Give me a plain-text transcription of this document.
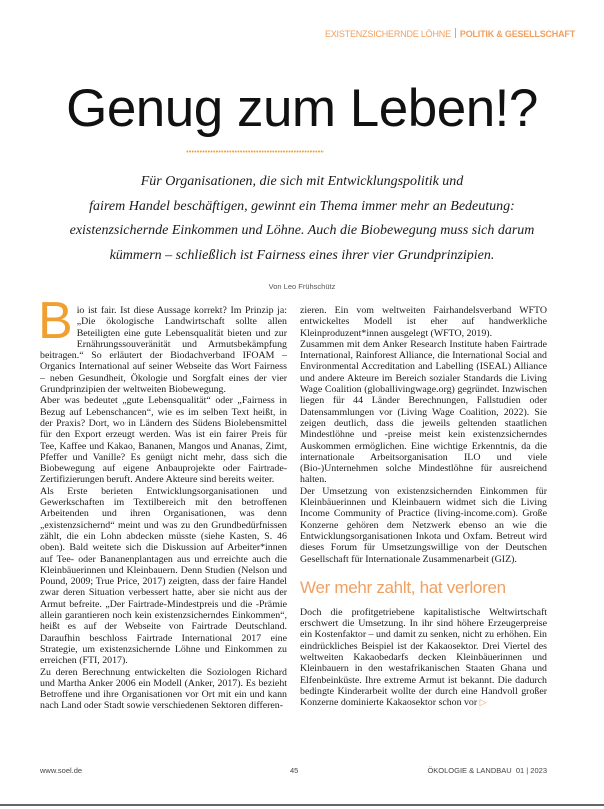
EXISTENZSICHERNDE LÖHNE POLITIK & GESELLSCHAFT
Genug zum Leben!?
Für Organisationen, die sich mit Entwicklungspolitik und
fairem Handel beschäftigen, gewinnt ein Thema immer mehr an Bedeutung:
existenzsichernde Einkommen und Löhne. Auch die Biobewegung muss sich darum
kümmern – schließlich ist Fairness eines ihrer vier Grundprinzipien.
Von Leo Frühschütz

Bio ist fair. Ist diese Aussage korrekt? Im Prinzip ja: „Die ökologische Landwirtschaft sollte allen Beteiligten eine gute Lebensqualität bieten und zur Ernährungssouveränität und Armutsbekämpfung beitragen.“ So erläutert der Biodachverband IFOAM – Organics International auf seiner Webseite das Wort Fairness – neben Gesundheit, Ökologie und Sorgfalt eines der vier Grundprinzipien der weltweiten Biobewegung.

Aber was bedeutet „gute Lebensqualität“ oder „Fairness in Bezug auf Lebenschancen“, wie es im selben Text heißt, in der Praxis? Dort, wo in Ländern des Südens Biolebensmittel für den Export erzeugt werden. Was ist ein fairer Preis für Tee, Kaffee und Kakao, Bananen, Mangos und Ananas, Zimt, Pfeffer und Vanille? Es genügt nicht mehr, dass sich die Biobewegung auf eigene Anbauprojekte oder Fairtrade-Zertifizierungen beruft. Andere Akteure sind bereits weiter.

Als Erste berieten Entwicklungsorganisationen und Gewerkschaften im Textilbereich mit den betroffenen Arbeitenden und ihren Organisationen, was denn „existenzsichernd“ meint und was zu den Grundbedürfnissen zählt, die ein Lohn abdecken müsste (siehe Kasten, S. 46 oben). Bald weitete sich die Diskussion auf Arbeiter*innen auf Tee- oder Bananenplantagen aus und erreichte auch die Kleinbäuerinnen und Kleinbauern. Denn Studien (Nelson und Pound, 2009; True Price, 2017) zeigten, dass der faire Handel zwar deren Situation verbessert hatte, aber sie nicht aus der Armut befreite. „Der Fairtrade-Mindestpreis und die -Prämie allein garantieren noch kein existenzsicherndes Einkommen“, heißt es auf der Webseite von Fairtrade Deutschland. Daraufhin beschloss Fairtrade International 2017 eine Strategie, um existenzsichernde Löhne und Einkommen zu erreichen (FTI, 2017).

Zu deren Berechnung entwickelten die Soziologen Richard und Martha Anker 2006 ein Modell (Anker, 2017). Es bezieht Betroffene und ihre Organisationen vor Ort mit ein und kann nach Land oder Stadt sowie verschiedenen Sektoren differen-

zieren. Ein vom weltweiten Fairhandelsverband WFTO entwickeltes Modell ist eher auf handwerkliche Kleinproduzent*innen ausgelegt (WFTO, 2019).

Zusammen mit dem Anker Research Institute haben Fairtrade International, Rainforest Alliance, die International Social and Environmental Accreditation and Labelling (ISEAL) Alliance und andere Akteure im Bereich sozialer Standards die Living Wage Coalition (globallivingwage.org) gegründet. Inzwischen liegen für 44 Länder Berechnungen, Fallstudien oder Datensammlungen vor (Living Wage Coalition, 2022). Sie zeigen deutlich, dass die jeweils geltenden staatlichen Mindestlöhne und -preise meist kein existenzsicherndes Auskommen ermöglichen. Eine wichtige Erkenntnis, da die internationale Arbeitsorganisation ILO und viele (Bio-)Unternehmen solche Mindestlöhne für ausreichend halten.

Der Umsetzung von existenzsichernden Einkommen für Kleinbäuerinnen und Kleinbauern widmet sich die Living Income Community of Practice (living-income.com). Große Konzerne gehören dem Netzwerk ebenso an wie die Entwicklungsorganisationen Inkota und Oxfam. Betreut wird dieses Forum für Umsetzungswillige von der Deutschen Gesellschaft für Internationale Zusammenarbeit (GIZ).

Wer mehr zahlt, hat verloren

Doch die profitgetriebene kapitalistische Weltwirtschaft erschwert die Umsetzung. In ihr sind höhere Erzeugerpreise ein Kostenfaktor – und damit zu senken, nicht zu erhöhen. Ein eindrückliches Beispiel ist der Kakaosektor. Drei Viertel des weltweiten Kakaobedarfs decken Kleinbäuerinnen und Kleinbauern in den westafrikanischen Staaten Ghana und Elfenbeinküste. Ihre extreme Armut ist bekannt. Die dadurch bedingte Kinderarbeit wollte der durch eine Handvoll großer Konzerne dominierte Kakaosektor schon vor ▷

www.soel.de	45	ÖKOLOGIE & LANDBAU 01 | 2023
